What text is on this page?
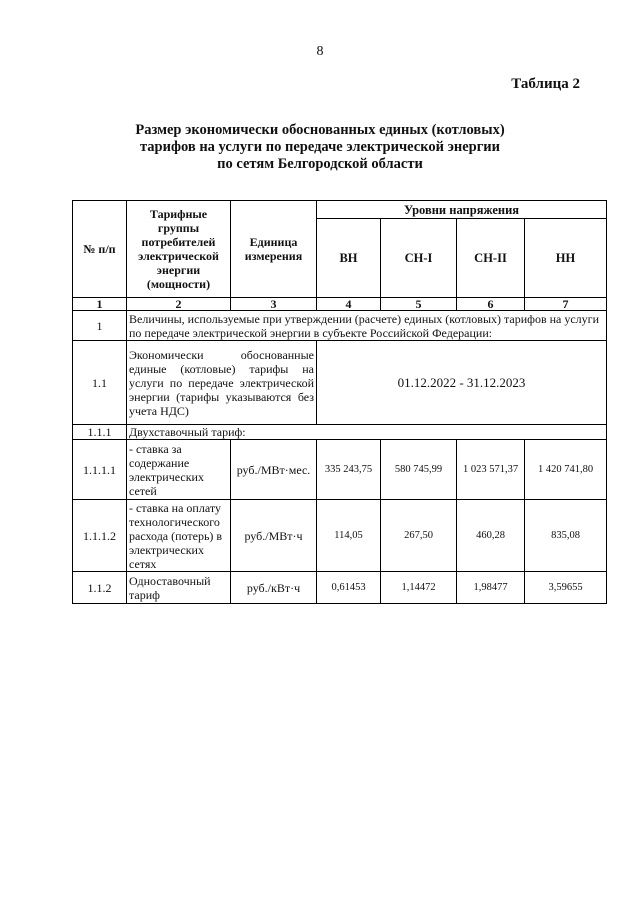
8
Таблица 2
Размер экономически обоснованных единых (котловых)
тарифов на услуги по передаче электрической энергии
по сетям Белгородской области
№ п/п	Тарифные группы потребителей электрической энергии (мощности)	Единица измерения	Уровни напряжения			
			ВН	СН-I	СН-II	НН
1	2	3	4	5	6	7
1	Величины, используемые при утверждении (расчете) единых (котловых) тарифов на услуги по передаче электрической энергии в субъекте Российской Федерации:					
1.1	Экономически обоснованные единые (котловые) тарифы на услуги по передаче электрической энергии (тарифы указываются без учета НДС)		01.12.2022 - 31.12.2023			
1.1.1	Двухставочный тариф:					
1.1.1.1	- ставка за содержание электрических сетей	руб./МВт·мес.	335 243,75	580 745,99	1 023 571,37	1 420 741,80
1.1.1.2	- ставка на оплату технологического расхода (потерь) в электрических сетях	руб./МВт·ч	114,05	267,50	460,28	835,08
1.1.2	Одноставочный тариф	руб./кВт·ч	0,61453	1,14472	1,98477	3,59655
